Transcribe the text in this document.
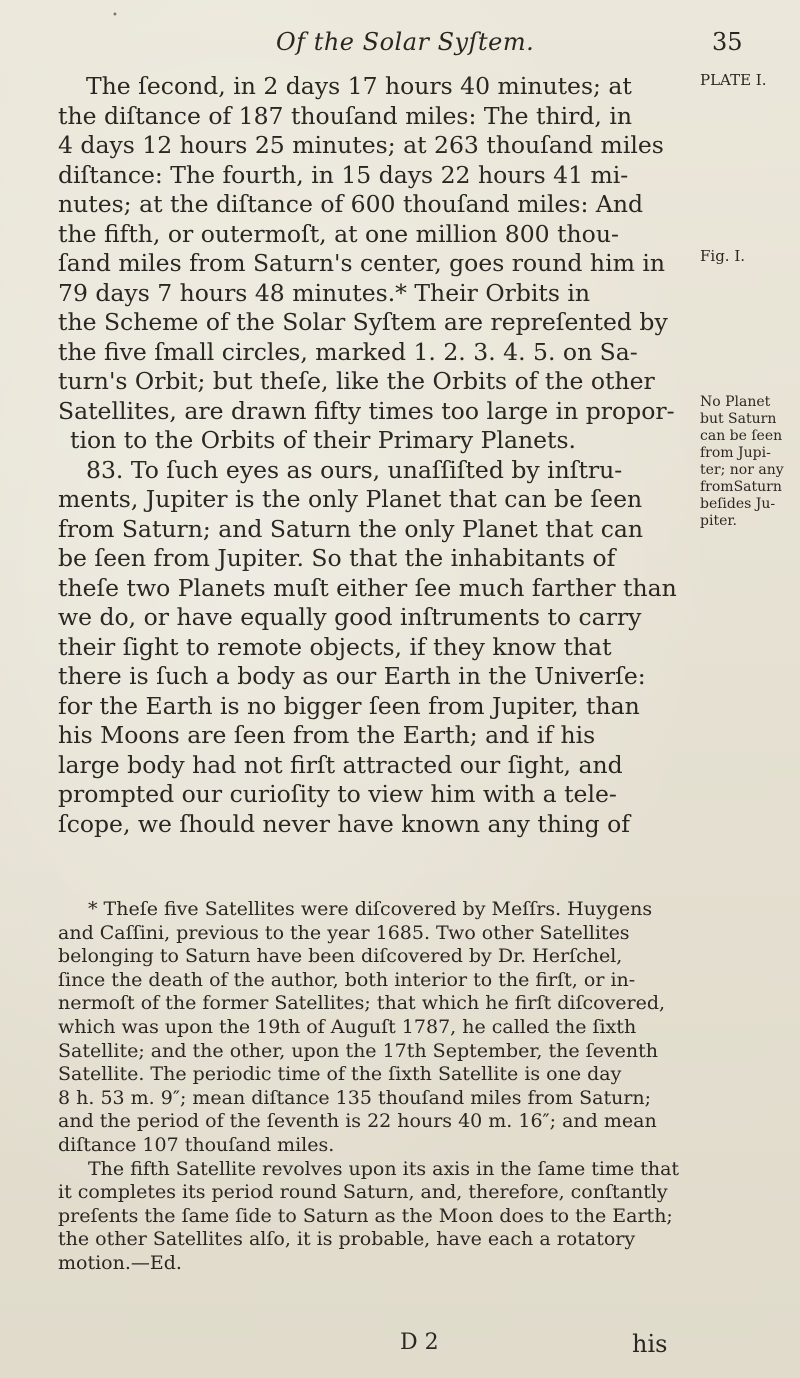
Of the Solar Syſtem.	35
The ſecond, in 2 days 17 hours 40 minutes; at
the diſtance of 187 thouſand miles: The third, in
4 days 12 hours 25 minutes; at 263 thouſand miles
diſtance: The fourth, in 15 days 22 hours 41 mi-
nutes; at the diſtance of 600 thouſand miles: And
the fifth, or outermoſt, at one million 800 thou-
ſand miles from Saturn's center, goes round him in
79 days 7 hours 48 minutes.* Their Orbits in
the Scheme of the Solar Syſtem are repreſented by
the five ſmall circles, marked 1. 2. 3. 4. 5. on Sa-
turn's Orbit; but theſe, like the Orbits of the other
Satellites, are drawn fifty times too large in propor-
tion to the Orbits of their Primary Planets.
83. To ſuch eyes as ours, unaſſiſted by inſtru-
ments, Jupiter is the only Planet that can be ſeen
from Saturn; and Saturn the only Planet that can
be ſeen from Jupiter. So that the inhabitants of
theſe two Planets muſt either ſee much farther than
we do, or have equally good inſtruments to carry
their ſight to remote objects, if they know that
there is ſuch a body as our Earth in the Univerſe:
for the Earth is no bigger ſeen from Jupiter, than
his Moons are ſeen from the Earth; and if his
large body had not firſt attracted our ſight, and
prompted our curioſity to view him with a tele-
ſcope, we ſhould never have known any thing of
PLATE I.
Fig. I.
No Planet
but Saturn
can be ſeen
from Jupi-
ter; nor any
fromSaturn
beſides Ju-
piter.
* Theſe five Satellites were diſcovered by Meſſrs. Huygens
and Caſſini, previous to the year 1685. Two other Satellites
belonging to Saturn have been diſcovered by Dr. Herſchel,
ſince the death of the author, both interior to the firſt, or in-
nermoſt of the former Satellites; that which he firſt diſcovered,
which was upon the 19th of Auguſt 1787, he called the ſixth
Satellite; and the other, upon the 17th September, the ſeventh
Satellite. The periodic time of the ſixth Satellite is one day
8 h. 53 m. 9″; mean diſtance 135 thouſand miles from Saturn;
and the period of the ſeventh is 22 hours 40 m. 16″; and mean
diſtance 107 thouſand miles.
The fifth Satellite revolves upon its axis in the ſame time that
it completes its period round Saturn, and, therefore, conſtantly
preſents the ſame ſide to Saturn as the Moon does to the Earth;
the other Satellites alſo, it is probable, have each a rotatory
motion.—Ed.
D 2	his
•
